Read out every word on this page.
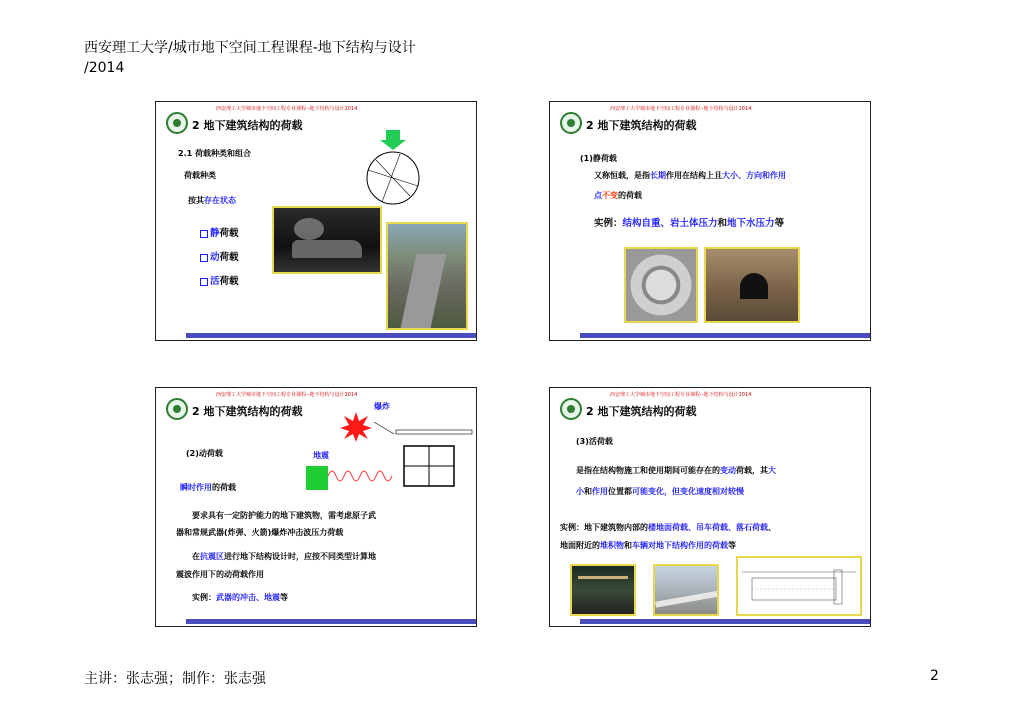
西安理工大学/城市地下空间工程课程-地下结构与设计
/2014
西安理工大学城市地下空间工程专业课程--地下结构与设计2014
2 地下建筑结构的荷载
2.1 荷载种类和组合
荷载种类
按其存在状态
静荷载
动荷载
活荷载
西安理工大学城市地下空间工程专业课程--地下结构与设计2014
2 地下建筑结构的荷载
(1)静荷载
又称恒载，是指长期作用在结构上且大小、方向和作用
点不变的荷载
实例：结构自重、岩土体压力和地下水压力等
西安理工大学城市地下空间工程专业课程--地下结构与设计2014
2 地下建筑结构的荷载	爆炸
地震
(2)动荷载
瞬时作用的荷载
要求具有一定防护能力的地下建筑物，需考虑原子武
器和常规武器(炸弹、火箭)爆炸冲击波压力荷载
在抗震区进行地下结构设计时，应按不同类型计算地
震波作用下的动荷载作用
实例：武器的冲击、地震等
西安理工大学城市地下空间工程专业课程--地下结构与设计2014
2 地下建筑结构的荷载
(3)活荷载
是指在结构物施工和使用期间可能存在的变动荷载，其大
小和作用位置都可能变化，但变化速度相对较慢
实例：地下建筑物内部的楼地面荷载、吊车荷载、落石荷载、
地面附近的堆积物和车辆对地下结构作用的荷载等
主讲：张志强；制作：张志强	2
